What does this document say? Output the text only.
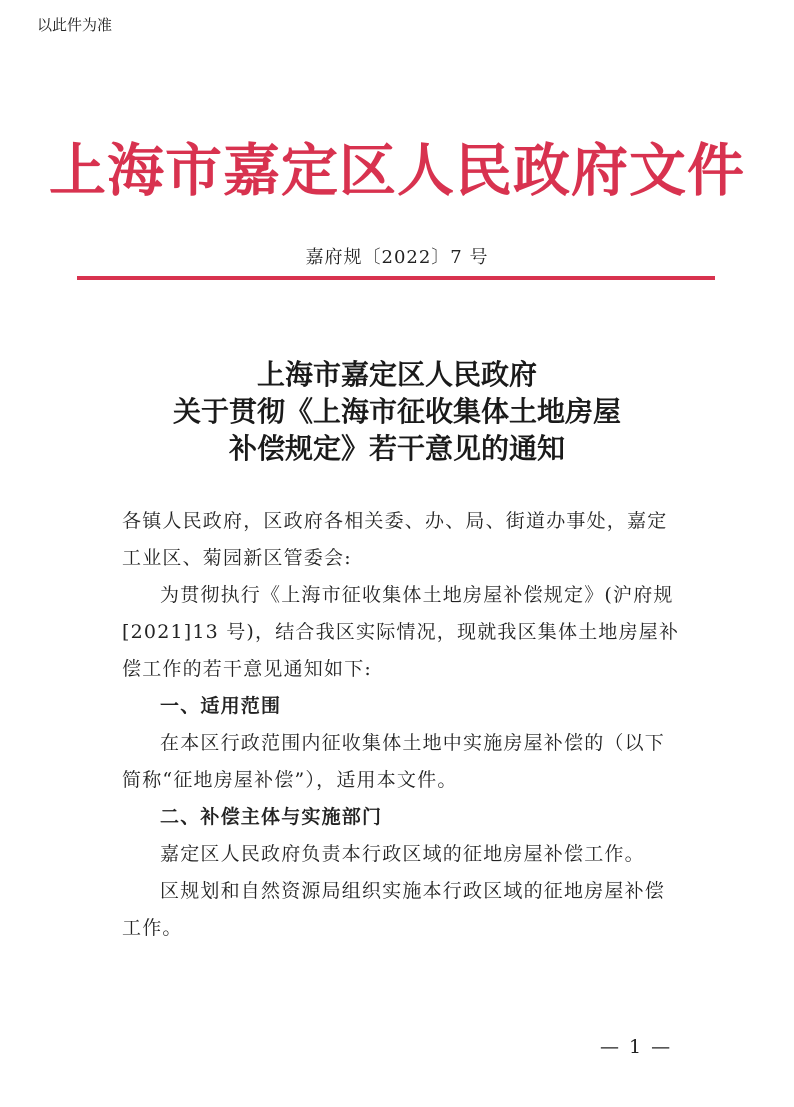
以此件为准
上海市嘉定区人民政府文件
嘉府规〔2022〕7 号
上海市嘉定区人民政府
关于贯彻《上海市征收集体土地房屋
补偿规定》若干意见的通知

各镇人民政府，区政府各相关委、办、局、街道办事处，嘉定工业区、菊园新区管委会:

为贯彻执行《上海市征收集体土地房屋补偿规定》(沪府规[2021]13 号)，结合我区实际情况，现就我区集体土地房屋补偿工作的若干意见通知如下:

一、适用范围

在本区行政范围内征收集体土地中实施房屋补偿的（以下简称“征地房屋补偿”），适用本文件。

二、补偿主体与实施部门

嘉定区人民政府负责本行政区域的征地房屋补偿工作。

区规划和自然资源局组织实施本行政区域的征地房屋补偿工作。

— 1 —
